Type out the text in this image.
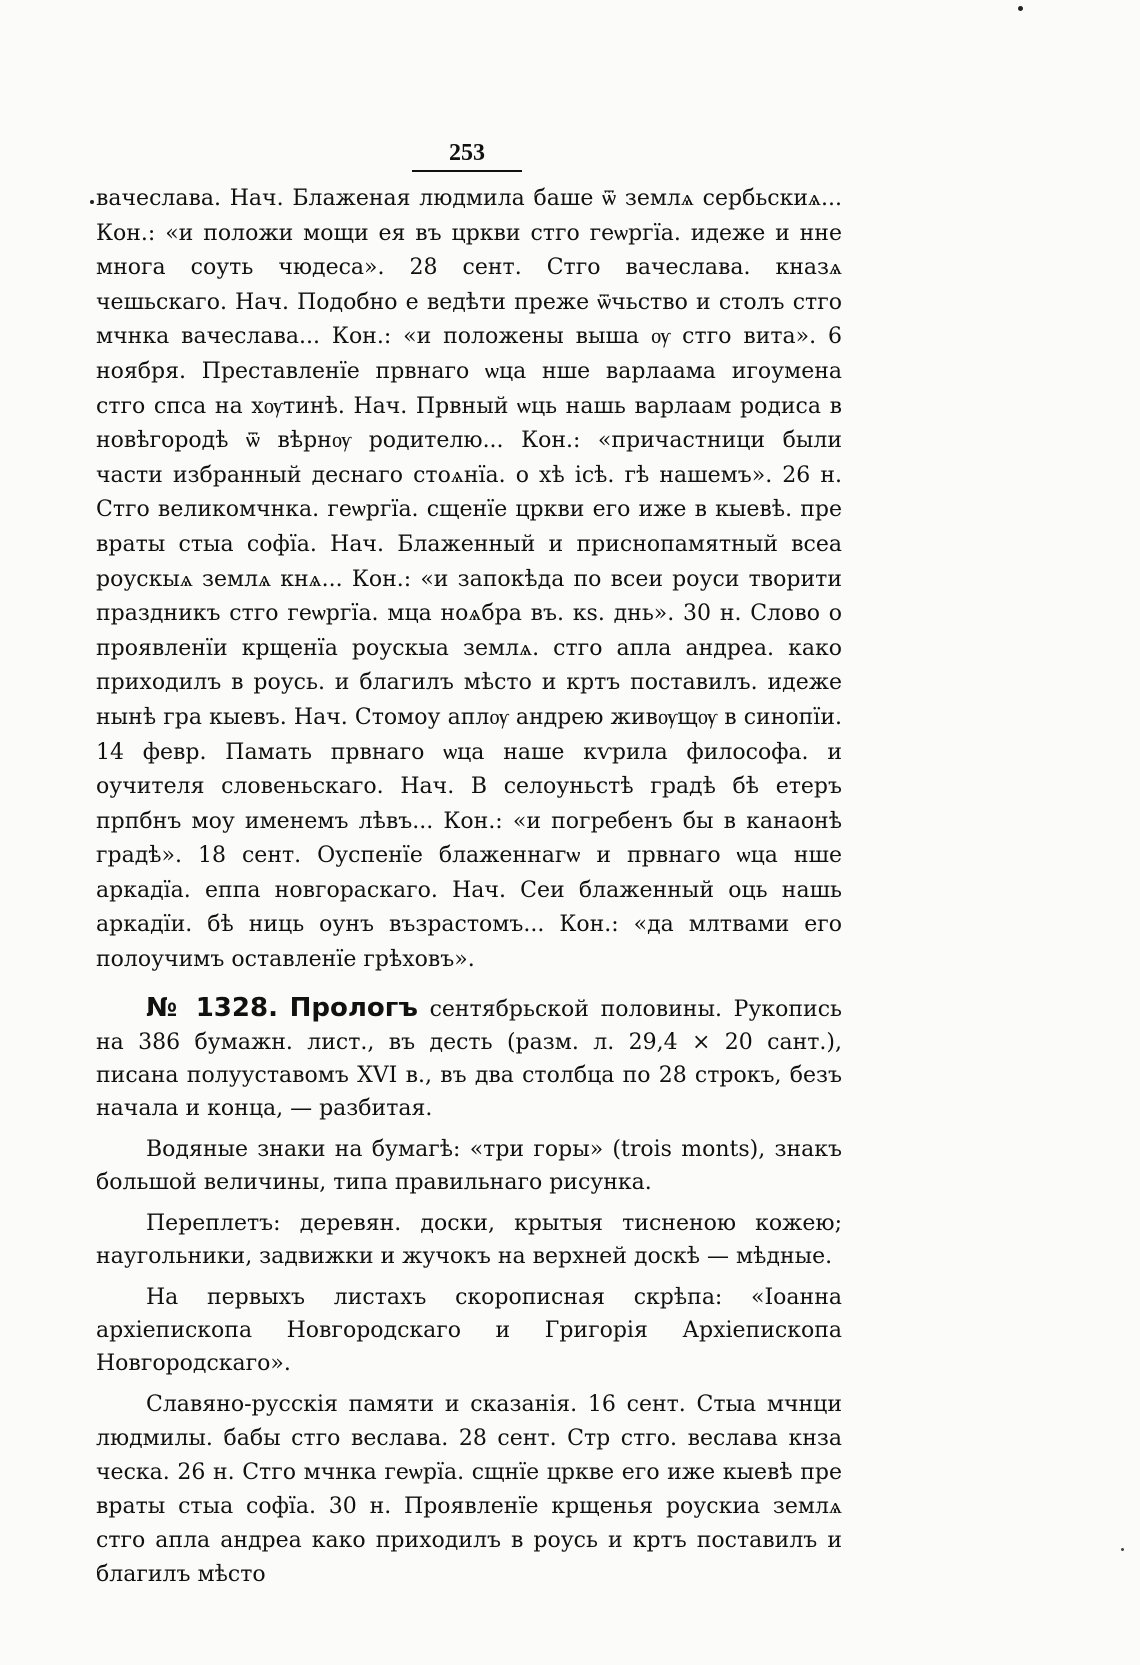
253

вачеслава. Нач. Блаженая людмила баше ѿ землѧ сербьскиѧ... Кон.: «и положи мощи ея въ цркви стго геѡргїа. идеже и нне многа соуть чюдеса». 28 сент. Стго вачеслава. кназѧ чешьскаго. Нач. Подобно е ведѣти преже ѿчьство и столъ стго мчнка вачеслава... Кон.: «и положены выша ѹ стго вита». 6 ноября. Преставленїе првнаго ѡца нше варлаама игоумена стго спса на хѹтинѣ. Нач. Првный ѡць нашь варлаам родиса в новѣгородѣ ѿ вѣрнѹ родителю... Кон.: «причастници были части избранный деснаго стоѧнїа. о хѣ ісѣ. гѣ нашемъ». 26 н. Стго великомчнка. геѡргїа. сщенїе цркви его иже в кыевѣ. пре враты стыа софїа. Нач. Блаженный и приснопамятный всеа роускыѧ землѧ кнѧ... Кон.: «и запокѣда по всеи роуси творити праздникъ стго геѡргїа. мца ноѧбра въ. кѕ. днь». 30 н. Слово о проявленїи крщенїа роускыа землѧ. стго апла андреа. како приходилъ в роусь. и благилъ мѣсто и кртъ поставилъ. идеже нынѣ гра кыевъ. Нач. Стомоу аплѹ андрею живѹщѹ в синопїи. 14 февр. Памать првнаго ѡца наше кѵрила философа. и оучителя словеньскаго. Нач. В селоуньстѣ градѣ бѣ етеръ прпбнъ моу именемъ лѣвъ... Кон.: «и погребенъ бы в канаонѣ градѣ». 18 сент. Оуспенїе блаженнагѡ и првнаго ѡца нше аркадїа. еппа новгораскаго. Нач. Сеи блаженный оць нашь аркадїи. бѣ ниць оунъ възрастомъ... Кон.: «да млтвами его полоучимъ оставленїе грѣховъ».

№ 1328. Прологъ сентябрьской половины. Рукопись на 386 бумажн. лист., въ десть (разм. л. 29,4 × 20 сант.), писана полууставомъ XVI в., въ два столбца по 28 строкъ, безъ начала и конца, — разбитая.

Водяные знаки на бумагѣ: «три горы» (trois monts), знакъ большой величины, типа правильнаго рисунка.

Переплетъ: деревян. доски, крытыя тисненою кожею; наугольники, задвижки и жучокъ на верхней доскѣ — мѣдные.

На первыхъ листахъ скорописная скрѣпа: «Іоанна архіепископа Новгородскаго и Григорія Архіепископа Новгородскаго».

Славяно-русскія памяти и сказанія. 16 сент. Стыа мчнци людмилы. бабы стго веслава. 28 сент. Стр стго. веслава кнза ческа. 26 н. Стго мчнка геѡрїа. сщнїе цркве его иже кыевѣ пре враты стыа софїа. 30 н. Проявленїе крщенья роускиа землѧ стго апла андреа како приходилъ в роусь и кртъ поставилъ и благилъ мѣсто
